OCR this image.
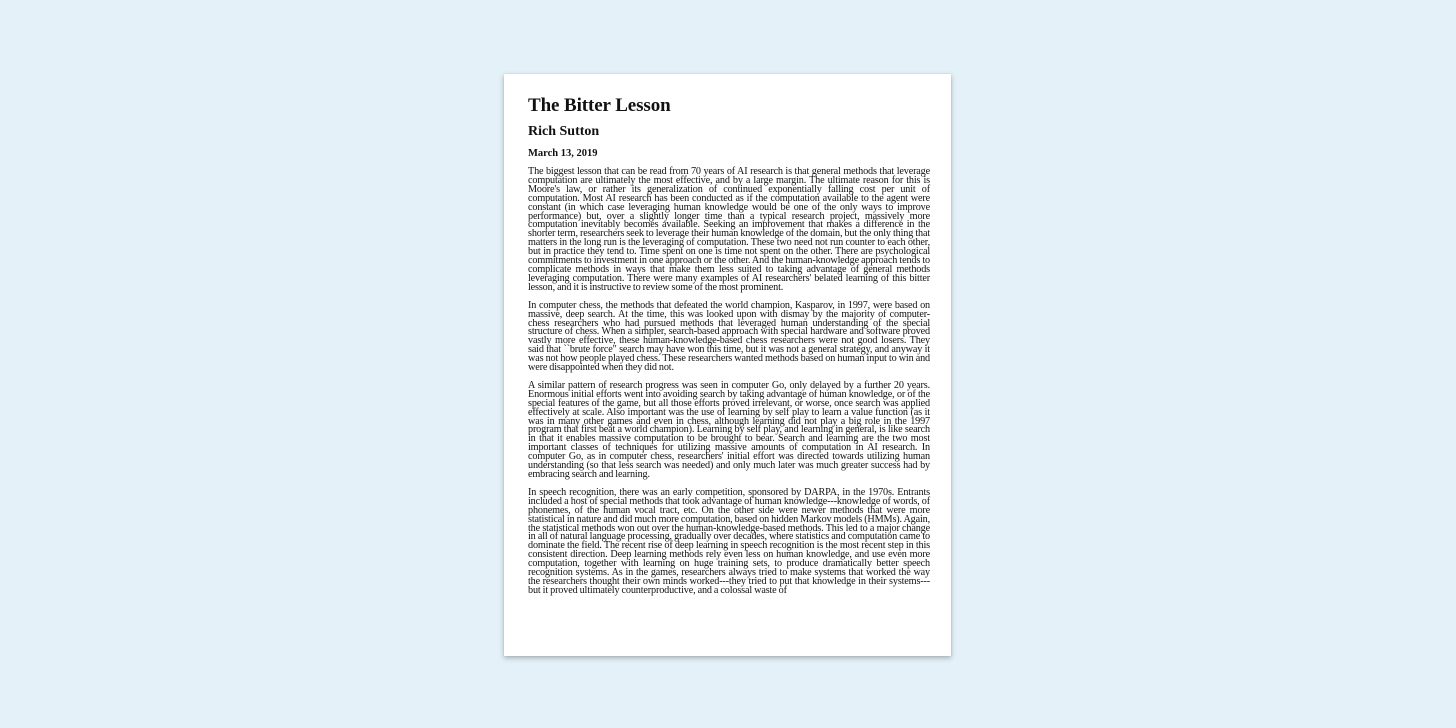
The Bitter Lesson
Rich Sutton
March 13, 2019

The biggest lesson that can be read from 70 years of AI research is that general methods that leverage computation are ultimately the most effective, and by a large margin. The ultimate reason for this is Moore's law, or rather its generalization of continued exponentially falling cost per unit of computation. Most AI research has been conducted as if the computation available to the agent were constant (in which case leveraging human knowledge would be one of the only ways to improve performance) but, over a slightly longer time than a typical research project, massively more computation inevitably becomes available. Seeking an improvement that makes a difference in the shorter term, researchers seek to leverage their human knowledge of the domain, but the only thing that matters in the long run is the leveraging of computation. These two need not run counter to each other, but in practice they tend to. Time spent on one is time not spent on the other. There are psychological commitments to investment in one approach or the other. And the human-knowledge approach tends to complicate methods in ways that make them less suited to taking advantage of general methods leveraging computation. There were many examples of AI researchers' belated learning of this bitter lesson, and it is instructive to review some of the most prominent.

In computer chess, the methods that defeated the world champion, Kasparov, in 1997, were based on massive, deep search. At the time, this was looked upon with dismay by the majority of computer-chess researchers who had pursued methods that leveraged human understanding of the special structure of chess. When a simpler, search-based approach with special hardware and software proved vastly more effective, these human-knowledge-based chess researchers were not good losers. They said that ``brute force" search may have won this time, but it was not a general strategy, and anyway it was not how people played chess. These researchers wanted methods based on human input to win and were disappointed when they did not.

A similar pattern of research progress was seen in computer Go, only delayed by a further 20 years. Enormous initial efforts went into avoiding search by taking advantage of human knowledge, or of the special features of the game, but all those efforts proved irrelevant, or worse, once search was applied effectively at scale. Also important was the use of learning by self play to learn a value function (as it was in many other games and even in chess, although learning did not play a big role in the 1997 program that first beat a world champion). Learning by self play, and learning in general, is like search in that it enables massive computation to be brought to bear. Search and learning are the two most important classes of techniques for utilizing massive amounts of computation in AI research. In computer Go, as in computer chess, researchers' initial effort was directed towards utilizing human understanding (so that less search was needed) and only much later was much greater success had by embracing search and learning.

In speech recognition, there was an early competition, sponsored by DARPA, in the 1970s. Entrants included a host of special methods that took advantage of human knowledge---knowledge of words, of phonemes, of the human vocal tract, etc. On the other side were newer methods that were more statistical in nature and did much more computation, based on hidden Markov models (HMMs). Again, the statistical methods won out over the human-knowledge-based methods. This led to a major change in all of natural language processing, gradually over decades, where statistics and computation came to dominate the field. The recent rise of deep learning in speech recognition is the most recent step in this consistent direction. Deep learning methods rely even less on human knowledge, and use even more computation, together with learning on huge training sets, to produce dramatically better speech recognition systems. As in the games, researchers always tried to make systems that worked the way the researchers thought their own minds worked---they tried to put that knowledge in their systems---but it proved ultimately counterproductive, and a colossal waste of
